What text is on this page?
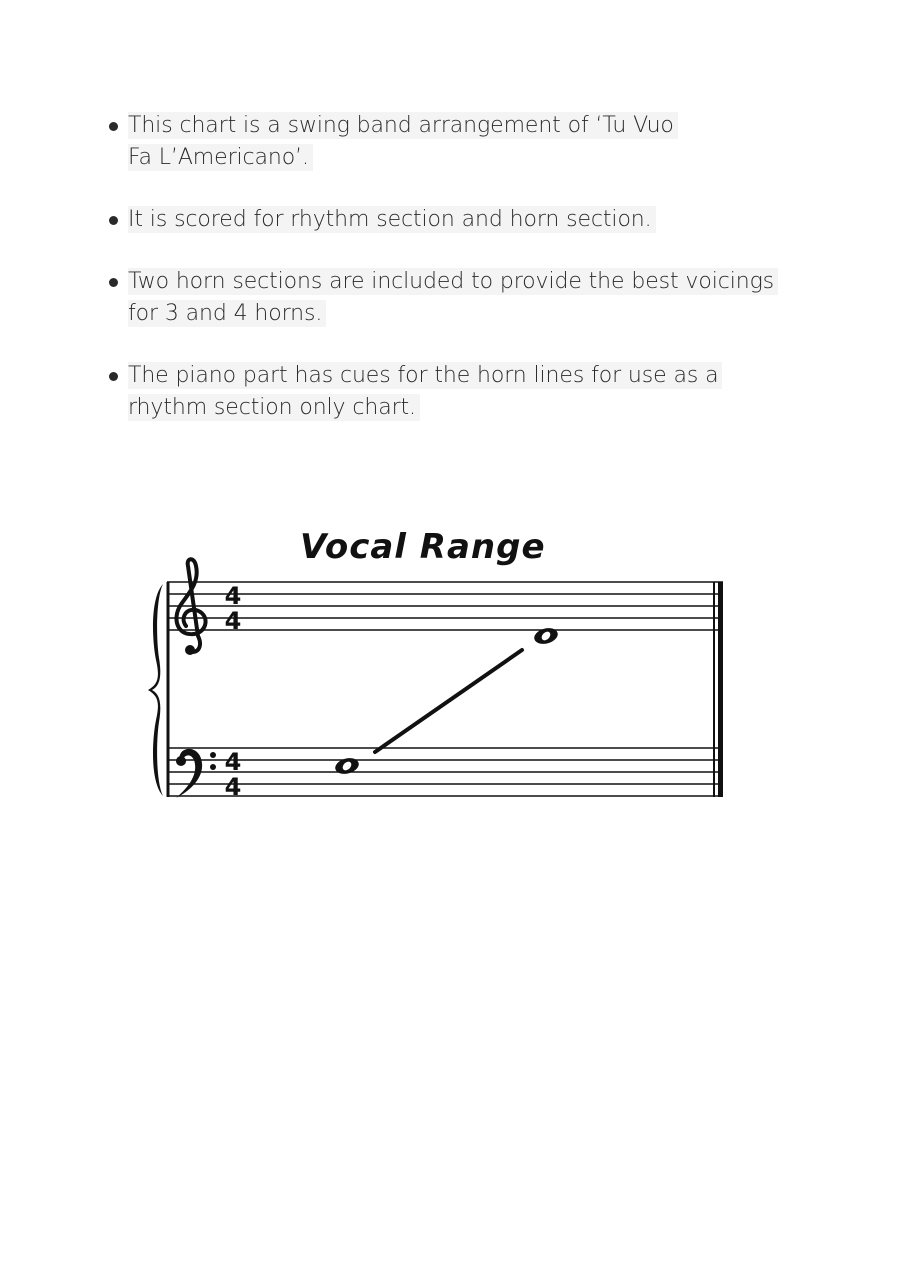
This chart is a swing band arrangement of ‘Tu Vuo Fa L’Americano’.
It is scored for rhythm section and horn section.
Two horn sections are included to provide the best voicings for 3 and 4 horns.
The piano part has cues for the horn lines for use as a rhythm section only chart.
Vocal Range
4
4
4
4
